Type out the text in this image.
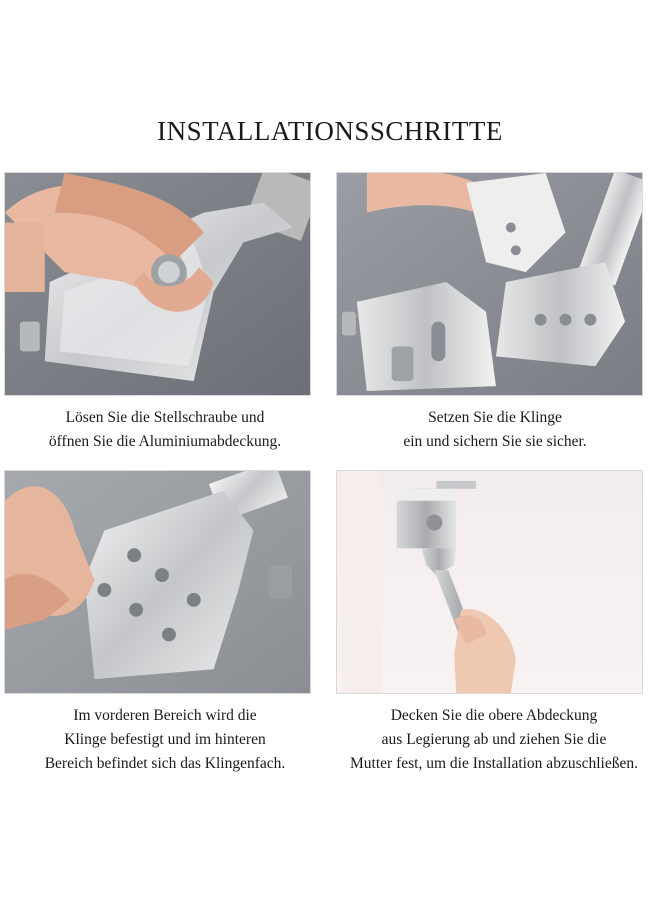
INSTALLATIONSSCHRITTE
Lösen Sie die Stellschraube und
öffnen Sie die Aluminiumabdeckung.
Setzen Sie die Klinge
ein und sichern Sie sie sicher.
Im vorderen Bereich wird die
Klinge befestigt und im hinteren
Bereich befindet sich das Klingenfach.
Decken Sie die obere Abdeckung
aus Legierung ab und ziehen Sie die
Mutter fest, um die Installation abzuschließen.
